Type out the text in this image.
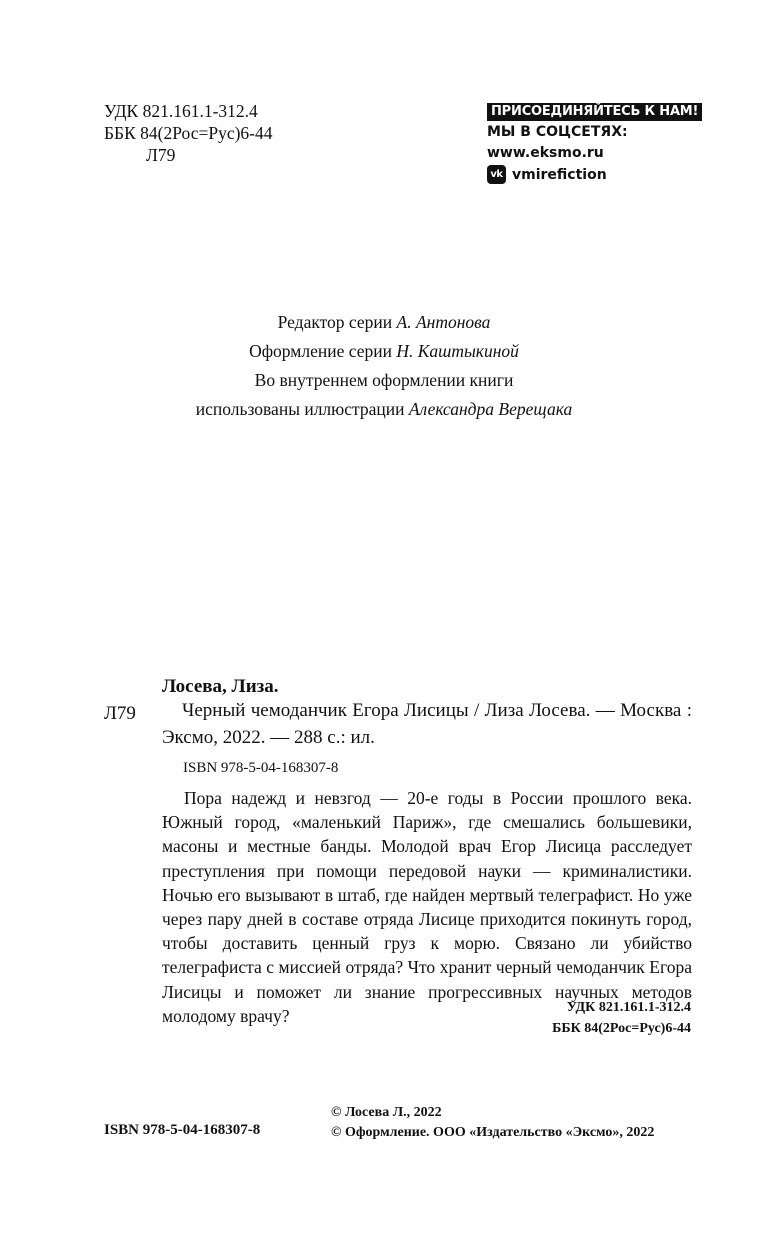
УДК 821.161.1-312.4
ББК 84(2Рос=Рус)6-44
Л79
ПРИСОЕДИНЯЙТЕСЬ К НАМ!
МЫ В СОЦСЕТЯХ:
www.eksmo.ru
vk vmirefiction
Редактор серии А. Антонова
Оформление серии Н. Каштыкиной
Во внутреннем оформлении книги
использованы иллюстрации Александра Верещака
Лосева, Лиза.
Л79	Черный чемоданчик Егора Лисицы / Лиза Лосева. — Москва : Эксмо, 2022. — 288 с.: ил.
ISBN 978-5-04-168307-8
Пора надежд и невзгод — 20-е годы в России прошлого века. Южный город, «маленький Париж», где смешались большевики, масоны и местные банды. Молодой врач Егор Лисица расследует преступления при помощи передовой науки — криминалистики. Ночью его вызывают в штаб, где найден мертвый телеграфист. Но уже через пару дней в составе отряда Лисице приходится покинуть город, чтобы доставить ценный груз к морю. Связано ли убийство телеграфиста с миссией отряда? Что хранит черный чемоданчик Егора Лисицы и поможет ли знание прогрессивных научных методов молодому врачу?	УДК 821.161.1-312.4
ББК 84(2Рос=Рус)6-44
ISBN 978-5-04-168307-8
© Лосева Л., 2022
© Оформление. ООО «Издательство «Эксмо», 2022
